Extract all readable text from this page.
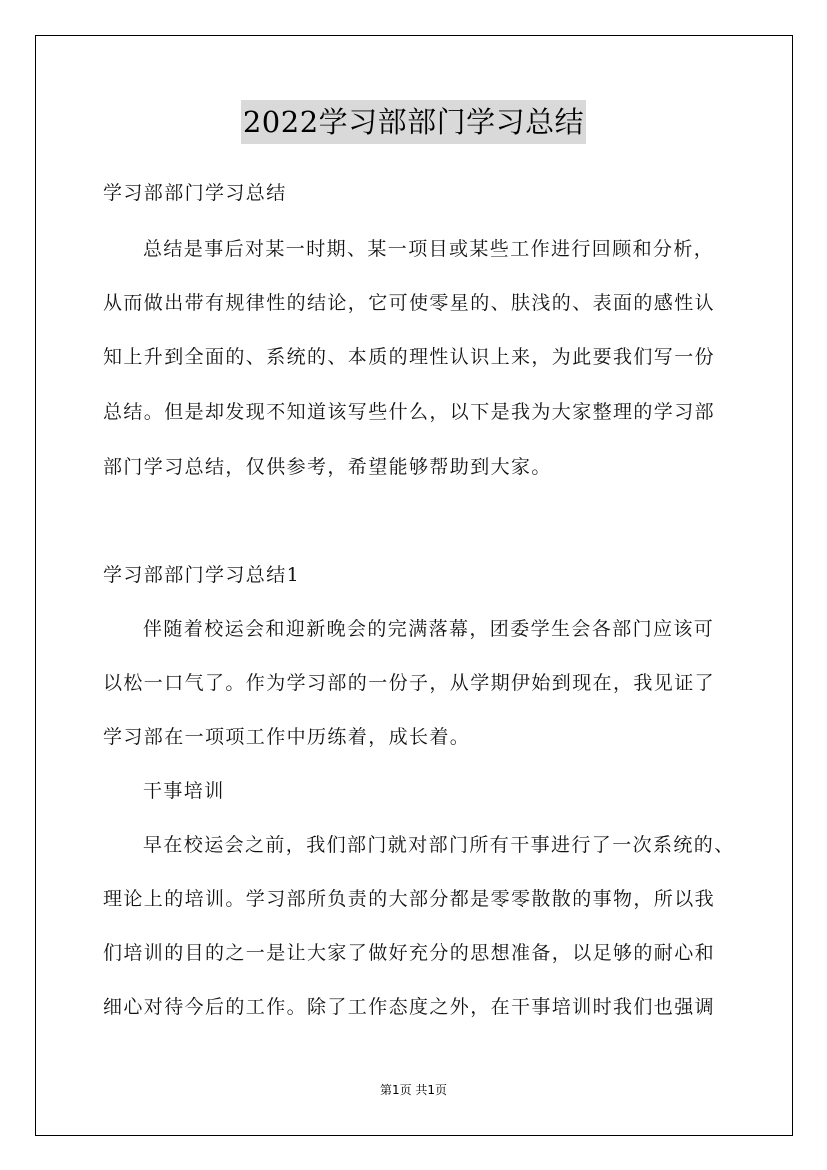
2022学习部部门学习总结
学习部部门学习总结
总结是事后对某一时期、某一项目或某些工作进行回顾和分析，
从而做出带有规律性的结论，它可使零星的、肤浅的、表面的感性认
知上升到全面的、系统的、本质的理性认识上来，为此要我们写一份
总结。但是却发现不知道该写些什么，以下是我为大家整理的学习部
部门学习总结，仅供参考，希望能够帮助到大家。
学习部部门学习总结1
伴随着校运会和迎新晚会的完满落幕，团委学生会各部门应该可
以松一口气了。作为学习部的一份子，从学期伊始到现在，我见证了
学习部在一项项工作中历练着，成长着。
干事培训
早在校运会之前，我们部门就对部门所有干事进行了一次系统的、
理论上的培训。学习部所负责的大部分都是零零散散的事物，所以我
们培训的目的之一是让大家了做好充分的思想准备，以足够的耐心和
细心对待今后的工作。除了工作态度之外，在干事培训时我们也强调
第1页 共1页
